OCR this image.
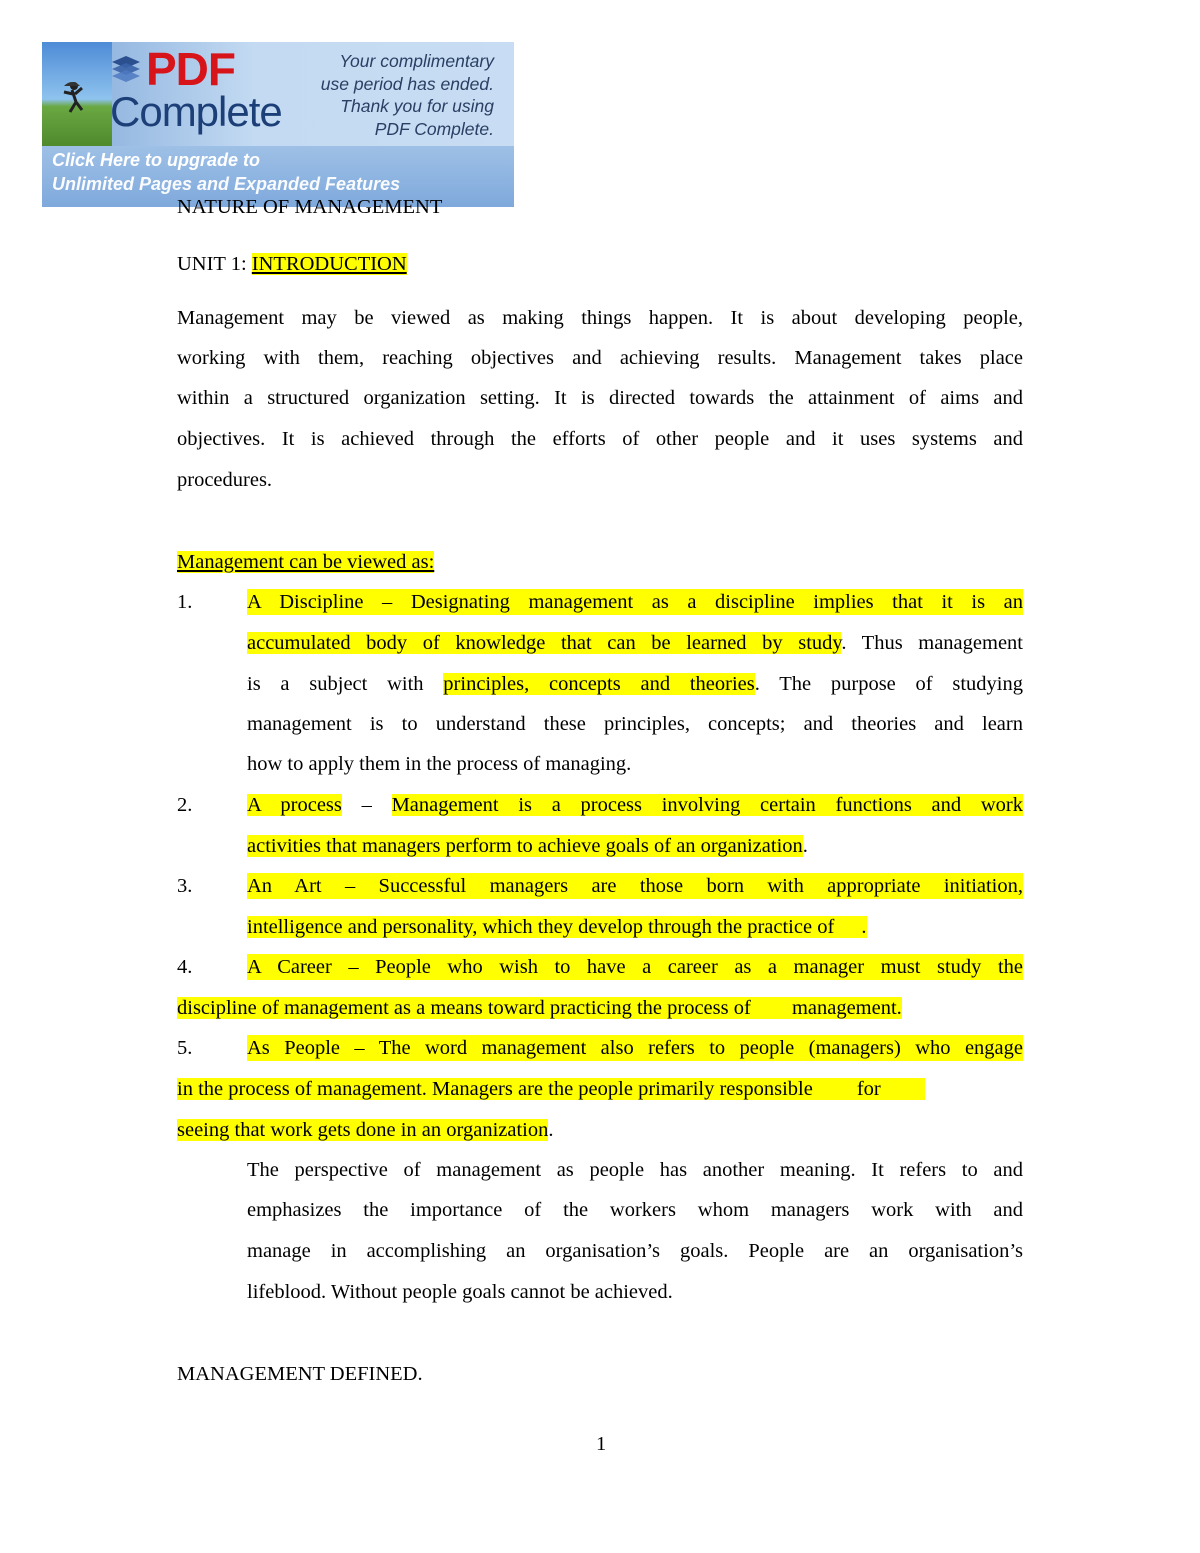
PDF
Complete
Your complimentary
use period has ended.
Thank you for using
PDF Complete.
Click Here to upgrade to
Unlimited Pages and Expanded Features
NATURE OF MANAGEMENT
UNIT 1: INTRODUCTION
Management may be viewed as making things happen. It is about developing people,
working with them, reaching objectives and achieving results. Management takes place
within a structured organization setting. It is directed towards the attainment of aims and
objectives. It is achieved through the efforts of other people and it uses systems and
procedures.
Management can be viewed as:
1.	A Discipline – Designating management as a discipline implies that it is an
accumulated body of knowledge that can be learned by study. Thus management
is a subject with principles, concepts and theories. The purpose of studying
management is to understand these principles, concepts; and theories and learn
how to apply them in the process of managing.
2.	A process – Management is a process involving certain functions and work
activities that managers perform to achieve goals of an organization.
3.	An Art – Successful managers are those born with appropriate initiation,
intelligence and personality, which they develop through the practice of .
4.	A Career – People who wish to have a career as a manager must study the
discipline of management as a means toward practicing the process of management.
5.	As People – The word management also refers to people (managers) who engage
in the process of management. Managers are the people primarily responsible for
seeing that work gets done in an organization.
The perspective of management as people has another meaning. It refers to and
emphasizes the importance of the workers whom managers work with and
manage in accomplishing an organisation’s goals. People are an organisation’s
lifeblood. Without people goals cannot be achieved.
MANAGEMENT DEFINED.
1
